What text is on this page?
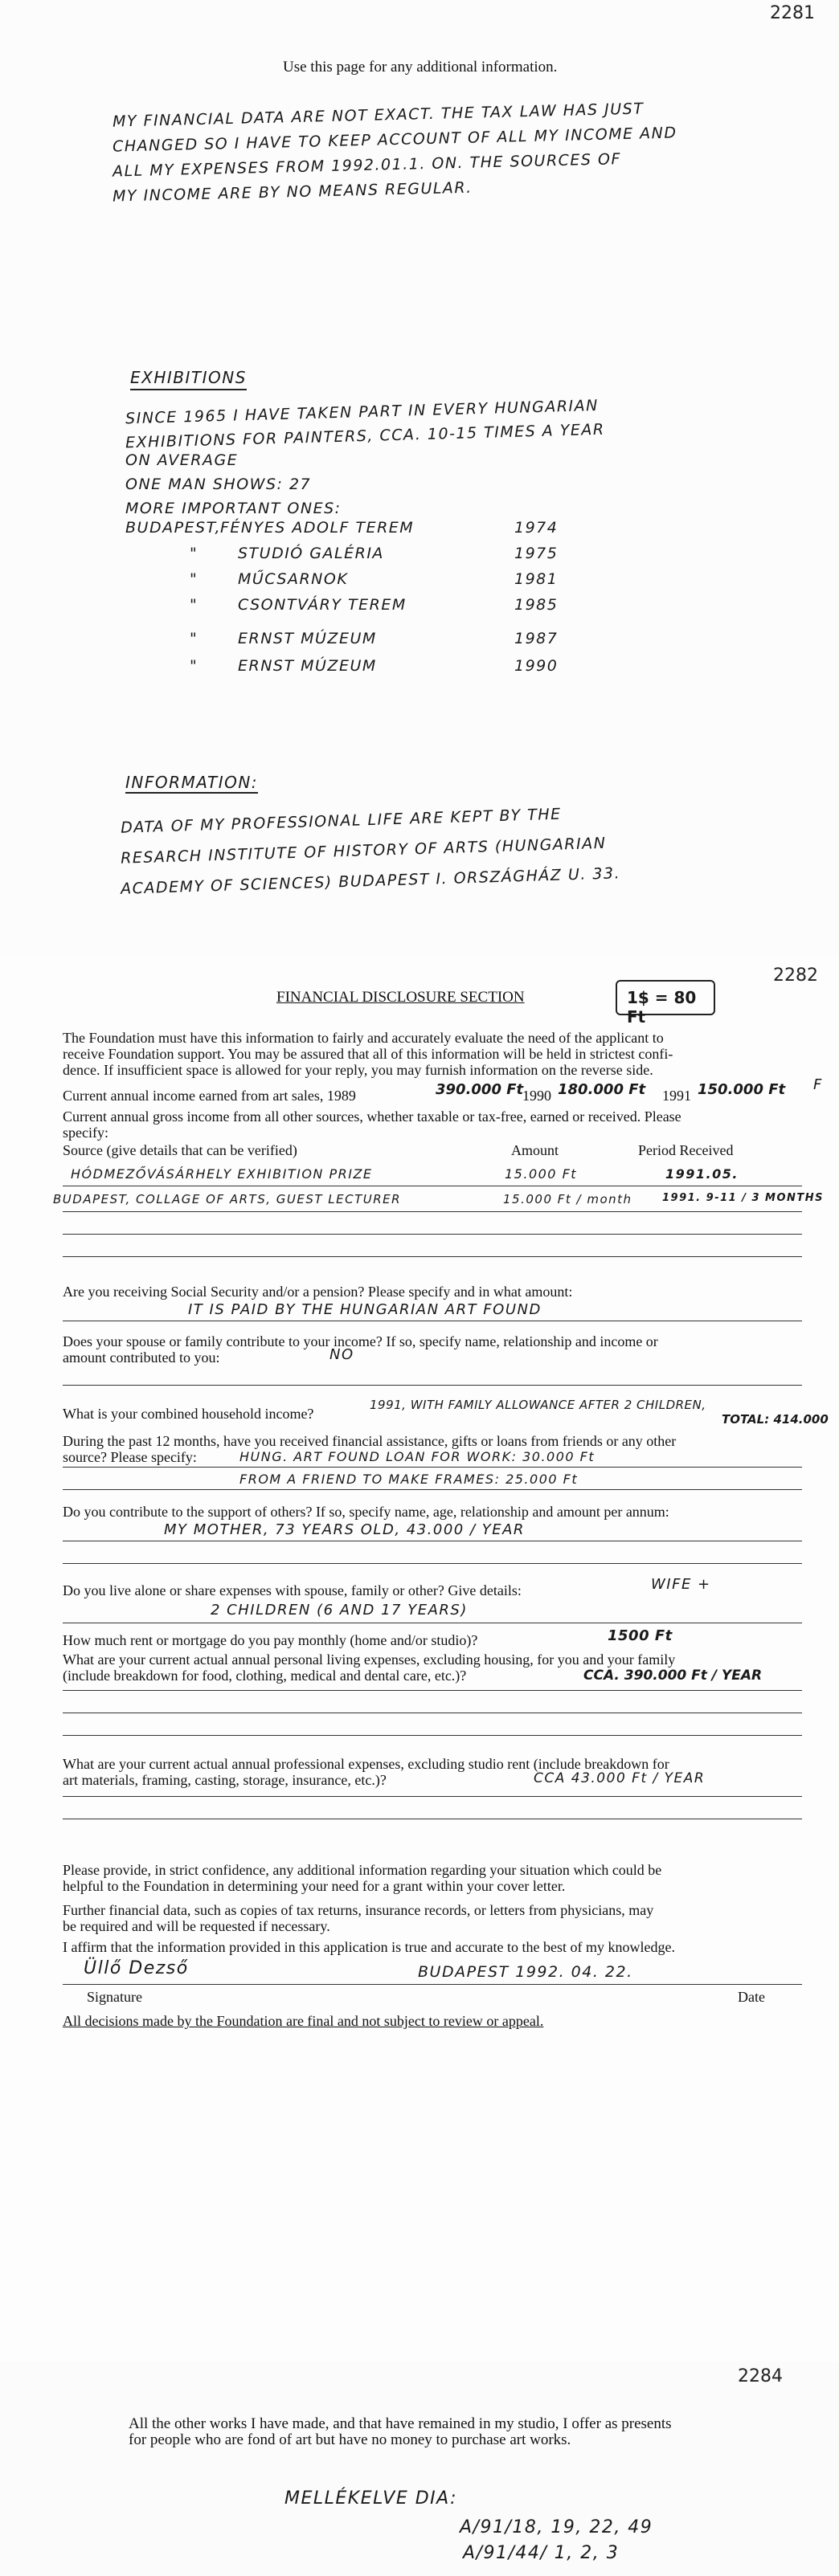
2281
Use this page for any additional information.
MY FINANCIAL DATA ARE NOT EXACT. THE TAX LAW HAS JUST
CHANGED SO I HAVE TO KEEP ACCOUNT OF ALL MY INCOME AND
ALL MY EXPENSES FROM 1992.01.1. ON. THE SOURCES OF
MY INCOME ARE BY NO MEANS REGULAR.
EXHIBITIONS
SINCE 1965 I HAVE TAKEN PART IN EVERY HUNGARIAN
EXHIBITIONS FOR PAINTERS, CCA. 10-15 TIMES A YEAR
ON AVERAGE
ONE MAN SHOWS: 27
MORE IMPORTANT ONES:
BUDAPEST, FÉNYES ADOLF TEREM	1974
"	STUDIÓ GALÉRIA	1975
"	MŰCSARNOK	1981
"	CSONTVÁRY TEREM	1985
"	ERNST MÚZEUM	1987
"	ERNST MÚZEUM	1990
INFORMATION:
DATA OF MY PROFESSIONAL LIFE ARE KEPT BY THE
RESARCH INSTITUTE OF HISTORY OF ARTS (HUNGARIAN
ACADEMY OF SCIENCES) BUDAPEST I. ORSZÁGHÁZ U. 33.
2282
FINANCIAL DISCLOSURE SECTION	1$ = 80 Ft
The Foundation must have this information to fairly and accurately evaluate the need of the applicant to
receive Foundation support. You may be assured that all of this information will be held in strictest confi-
dence. If insufficient space is allowed for your reply, you may furnish information on the reverse side.
Current annual income earned from art sales, 1989	390.000 Ft
1990 180.000 Ft 1991 150.000 Ft F
Current annual gross income from all other sources, whether taxable or tax-free, earned or received. Please
specify:
Source (give details that can be verified)	Amount	Period Received
HÓDMEZŐVÁSÁRHELY EXHIBITION PRIZE	15.000 Ft	1991.05.
BUDAPEST, COLLAGE OF ARTS, GUEST LECTURER	15.000 Ft / month	1991. 9-11 / 3 MONTHS
Are you receiving Social Security and/or a pension? Please specify and in what amount:
IT IS PAID BY THE HUNGARIAN ART FOUND
Does your spouse or family contribute to your income? If so, specify name, relationship and income or
amount contributed to you:	NO
What is your combined household income?
1991, WITH FAMILY ALLOWANCE AFTER 2 CHILDREN,
TOTAL: 414.000
During the past 12 months, have you received financial assistance, gifts or loans from friends or any other
source? Please specify:	HUNG. ART FOUND LOAN FOR WORK: 30.000 Ft
FROM A FRIEND TO MAKE FRAMES: 25.000 Ft
Do you contribute to the support of others? If so, specify name, age, relationship and amount per annum:
MY MOTHER, 73 YEARS OLD, 43.000 / YEAR
Do you live alone or share expenses with spouse, family or other? Give details:	WIFE +
2 CHILDREN (6 AND 17 YEARS)
How much rent or mortgage do you pay monthly (home and/or studio)?	1500 Ft
What are your current actual annual personal living expenses, excluding housing, for you and your family
(include breakdown for food, clothing, medical and dental care, etc.)?	CCA. 390.000 Ft / YEAR
What are your current actual annual professional expenses, excluding studio rent (include breakdown for
art materials, framing, casting, storage, insurance, etc.)?	CCA 43.000 Ft / YEAR
Please provide, in strict confidence, any additional information regarding your situation which could be
helpful to the Foundation in determining your need for a grant within your cover letter.
Further financial data, such as copies of tax returns, insurance records, or letters from physicians, may
be required and will be requested if necessary.
I affirm that the information provided in this application is true and accurate to the best of my knowledge.
Üllő Dezső	BUDAPEST 1992. 04. 22.
Signature	Date
All decisions made by the Foundation are final and not subject to review or appeal.
2284
All the other works I have made, and that have remained in my studio, I offer as presents
for people who are fond of art but have no money to purchase art works.
MELLÉKELVE DIA:
A/91/18, 19, 22, 49
A/91/44/ 1, 2, 3
